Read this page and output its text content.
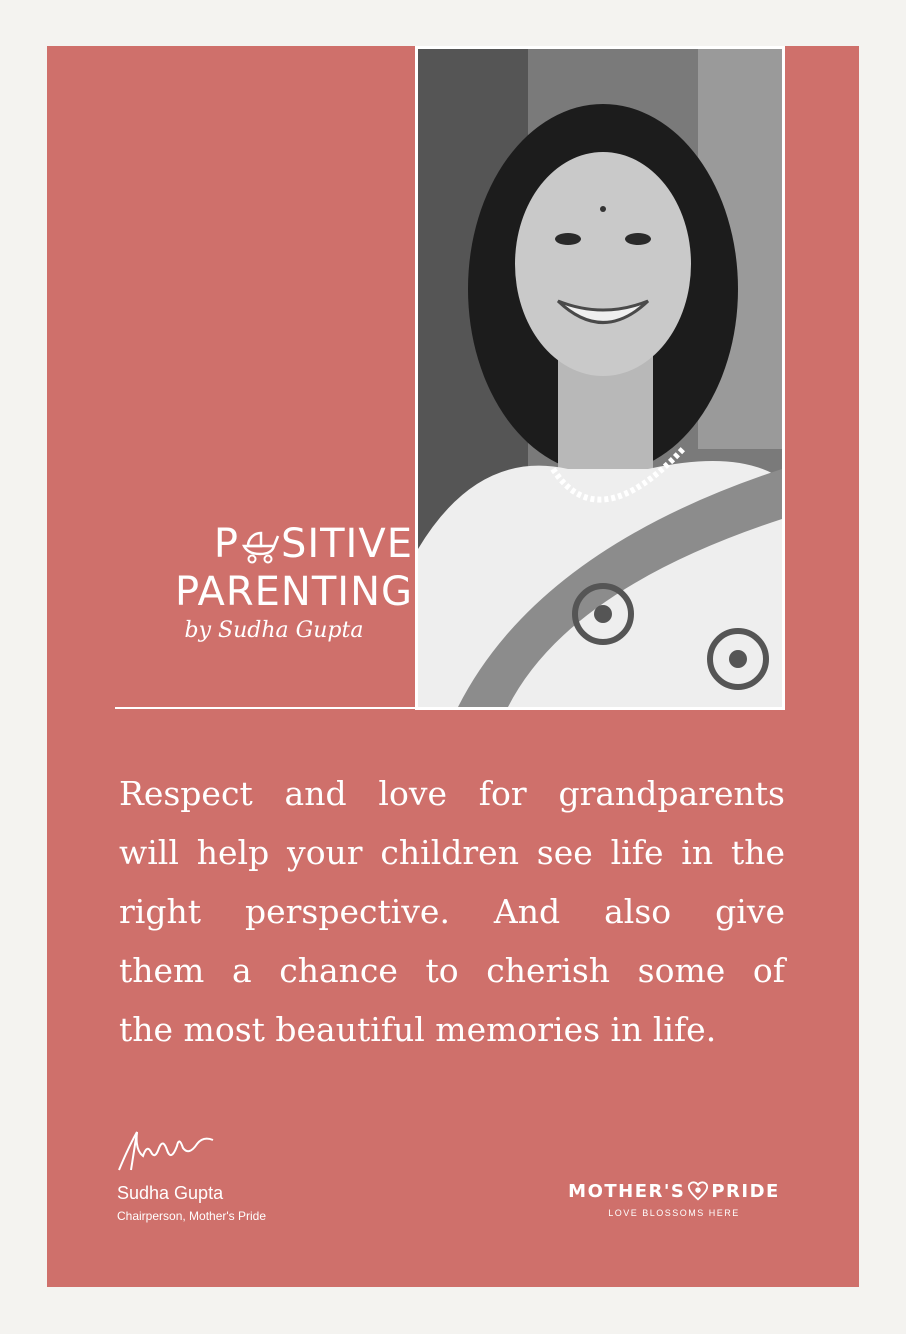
P SITIVE
PARENTING
by Sudha Gupta
Respect and love for grandparents
will help your children see life in the
right perspective. And also give
them a chance to cherish some of
the most beautiful memories in life.
Sudha Gupta
Chairperson, Mother's Pride
MOTHER'S PRIDE
LOVE BLOSSOMS HERE
